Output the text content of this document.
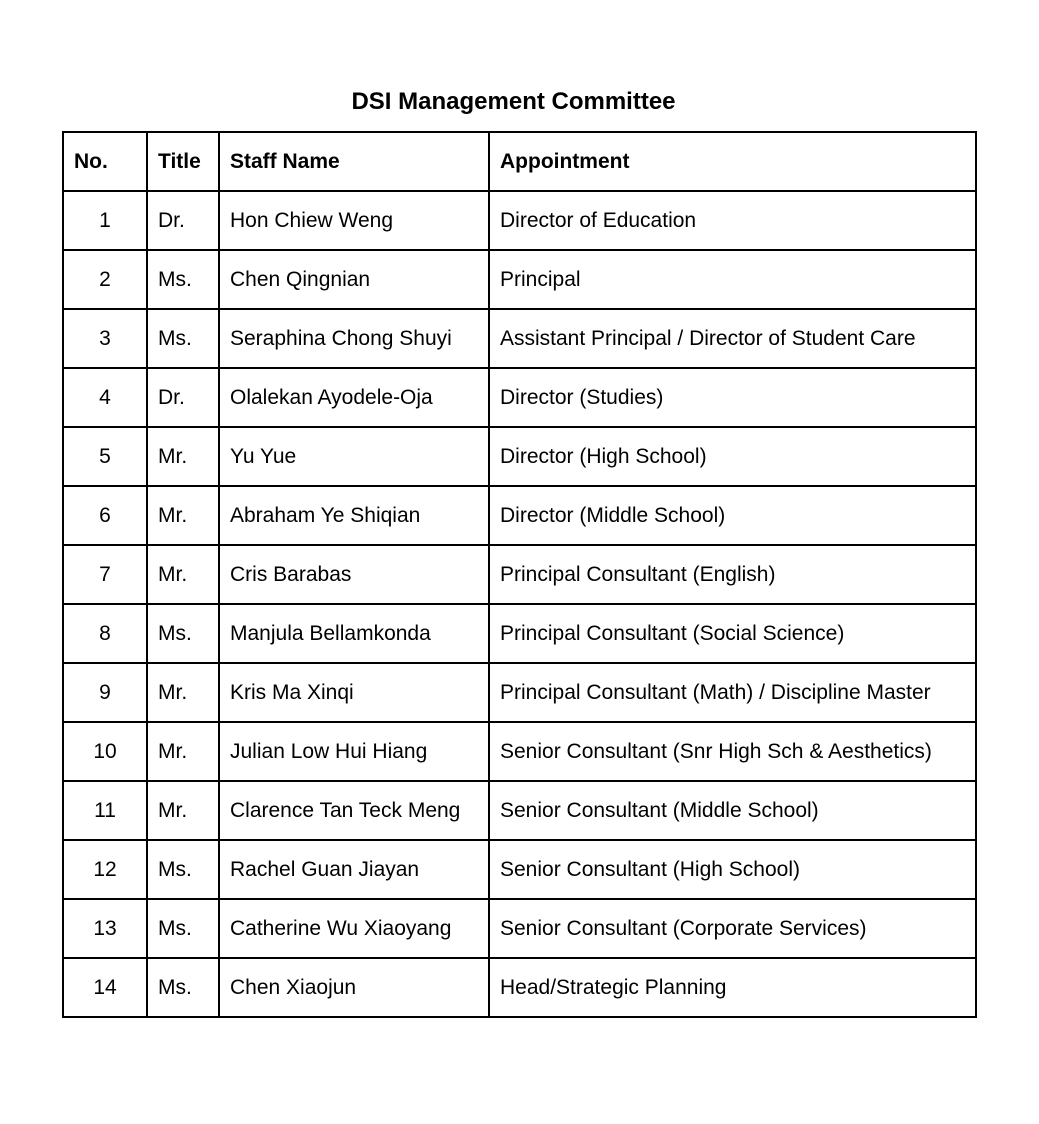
DSI Management Committee
No.	Title	Staff Name	Appointment
1	Dr.	Hon Chiew Weng	Director of Education
2	Ms.	Chen Qingnian	Principal
3	Ms.	Seraphina Chong Shuyi	Assistant Principal / Director of Student Care
4	Dr.	Olalekan Ayodele-Oja	Director (Studies)
5	Mr.	Yu Yue	Director (High School)
6	Mr.	Abraham Ye Shiqian	Director (Middle School)
7	Mr.	Cris Barabas	Principal Consultant (English)
8	Ms.	Manjula Bellamkonda	Principal Consultant (Social Science)
9	Mr.	Kris Ma Xinqi	Principal Consultant (Math) / Discipline Master
10	Mr.	Julian Low Hui Hiang	Senior Consultant (Snr High Sch & Aesthetics)
11	Mr.	Clarence Tan Teck Meng	Senior Consultant (Middle School)
12	Ms.	Rachel Guan Jiayan	Senior Consultant (High School)
13	Ms.	Catherine Wu Xiaoyang	Senior Consultant (Corporate Services)
14	Ms.	Chen Xiaojun	Head/Strategic Planning
